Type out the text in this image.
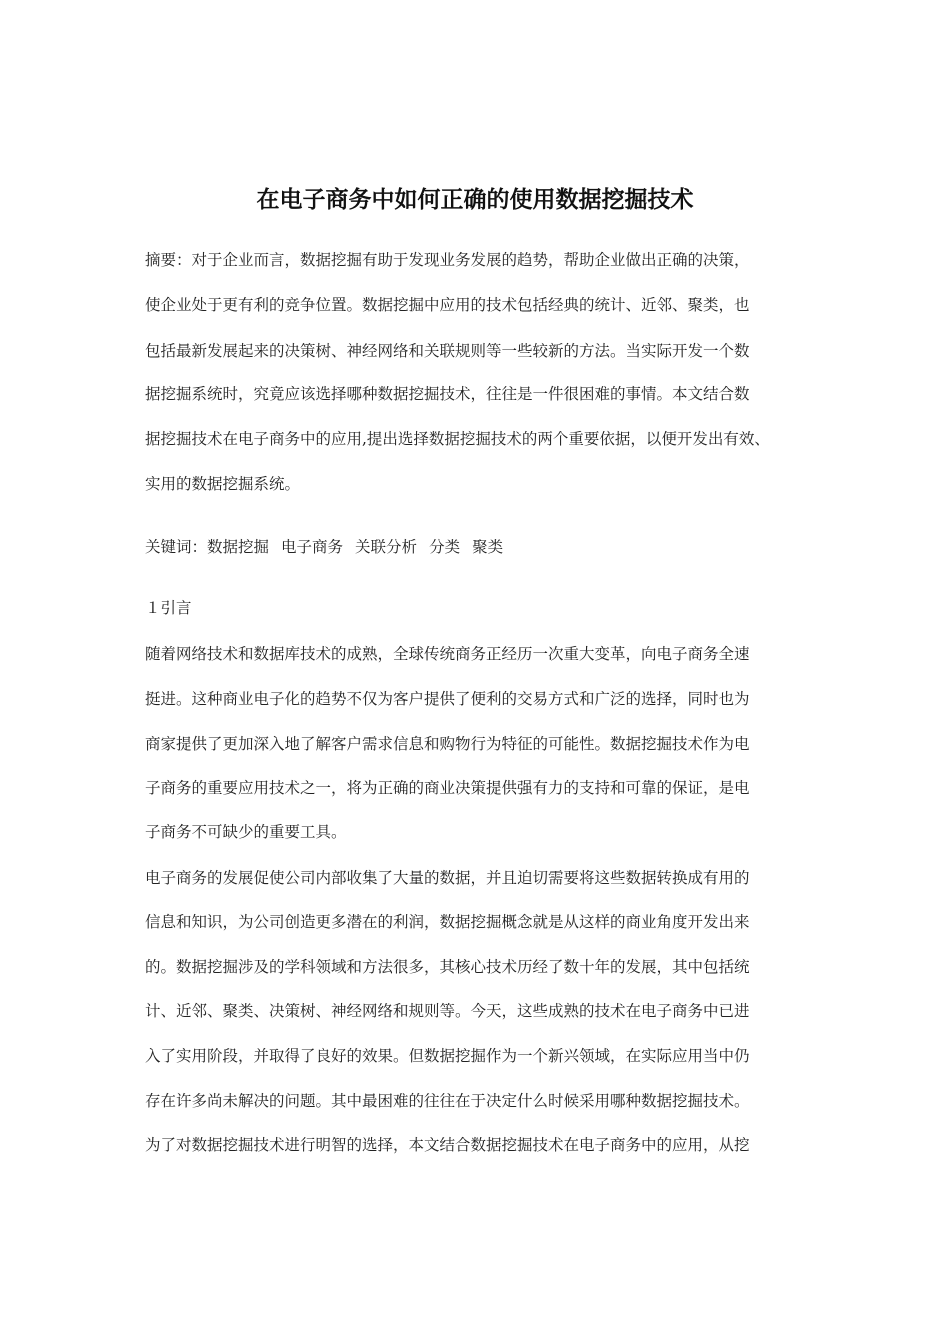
在电子商务中如何正确的使用数据挖掘技术
摘要：对于企业而言，数据挖掘有助于发现业务发展的趋势，帮助企业做出正确的决策，
使企业处于更有利的竞争位置。数据挖掘中应用的技术包括经典的统计、近邻、聚类，也
包括最新发展起来的决策树、神经网络和关联规则等一些较新的方法。当实际开发一个数
据挖掘系统时，究竟应该选择哪种数据挖掘技术，往往是一件很困难的事情。本文结合数
据挖掘技术在电子商务中的应用,提出选择数据挖掘技术的两个重要依据，以便开发出有效、
实用的数据挖掘系统。
关键词：数据挖掘 电子商务 关联分析 分类 聚类
１引言
随着网络技术和数据库技术的成熟，全球传统商务正经历一次重大变革，向电子商务全速
挺进。这种商业电子化的趋势不仅为客户提供了便利的交易方式和广泛的选择，同时也为
商家提供了更加深入地了解客户需求信息和购物行为特征的可能性。数据挖掘技术作为电
子商务的重要应用技术之一，将为正确的商业决策提供强有力的支持和可靠的保证，是电
子商务不可缺少的重要工具。
电子商务的发展促使公司内部收集了大量的数据，并且迫切需要将这些数据转换成有用的
信息和知识，为公司创造更多潜在的利润，数据挖掘概念就是从这样的商业角度开发出来
的。数据挖掘涉及的学科领域和方法很多，其核心技术历经了数十年的发展，其中包括统
计、近邻、聚类、决策树、神经网络和规则等。今天，这些成熟的技术在电子商务中已进
入了实用阶段，并取得了良好的效果。但数据挖掘作为一个新兴领域，在实际应用当中仍
存在许多尚未解决的问题。其中最困难的往往在于决定什么时候采用哪种数据挖掘技术。
为了对数据挖掘技术进行明智的选择，本文结合数据挖掘技术在电子商务中的应用，从挖
